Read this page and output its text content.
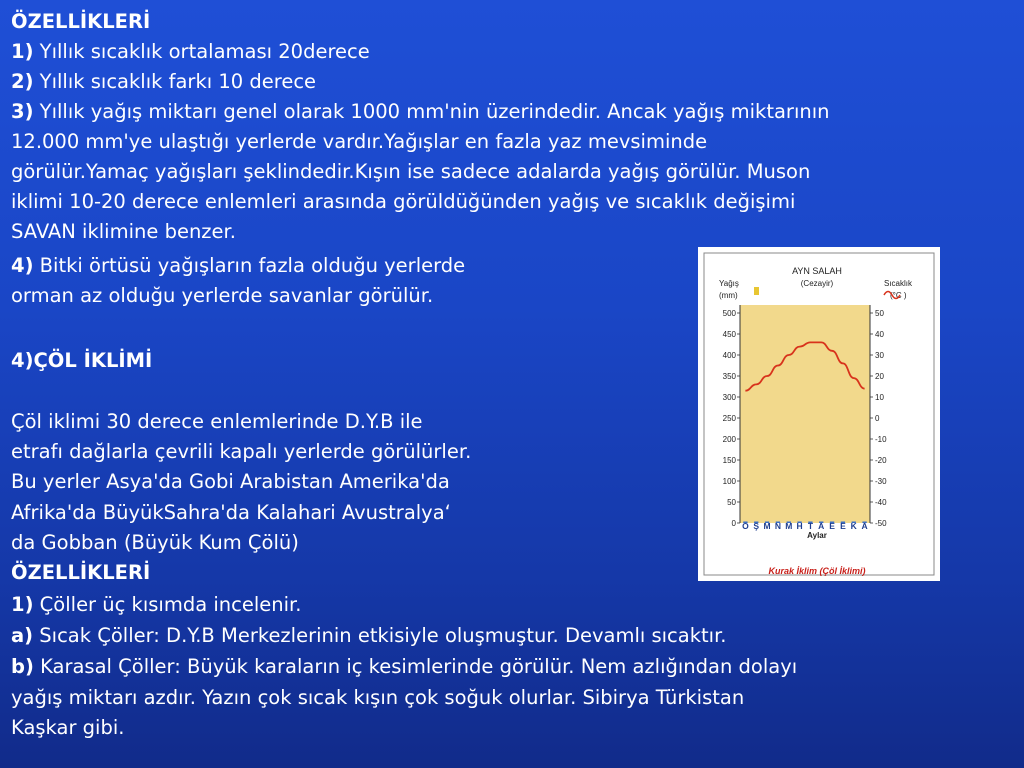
ÖZELLİKLERİ
1) Yıllık sıcaklık ortalaması 20derece
2) Yıllık sıcaklık farkı 10 derece
3) Yıllık yağış miktarı genel olarak 1000 mm'nin üzerindedir. Ancak yağış miktarının
12.000 mm'ye ulaştığı yerlerde vardır.Yağışlar en fazla yaz mevsiminde
görülür.Yamaç yağışları şeklindedir.Kışın ise sadece adalarda yağış görülür. Muson
iklimi 10-20 derece enlemleri arasında görüldüğünden yağış ve sıcaklık değişimi
SAVAN iklimine benzer.
4) Bitki örtüsü yağışların fazla olduğu yerlerde
orman az olduğu yerlerde savanlar görülür.
4)ÇÖL İKLİMİ
Çöl iklimi 30 derece enlemlerinde D.Y.B ile
etrafı dağlarla çevrili kapalı yerlerde görülürler.
Bu yerler Asya'da Gobi Arabistan Amerika'da
Afrika'da BüyükSahra'da Kalahari Avustralya‘
da Gobban (Büyük Kum Çölü)
ÖZELLİKLERİ
1) Çöller üç kısımda incelenir.
a) Sıcak Çöller: D.Y.B Merkezlerinin etkisiyle oluşmuştur. Devamlı sıcaktır.
b) Karasal Çöller: Büyük karaların iç kesimlerinde görülür. Nem azlığından dolayı
yağış miktarı azdır. Yazın çok sıcak kışın çok soğuk olurlar. Sibirya Türkistan
Kaşkar gibi.
AYN SALAH
(Cezayir)
Yağış
(mm)
Sıcaklık
(°C )
Aylar
Kurak İklim (Çöl İklimi)
0
50
100
150
200
250
300
350
400
450
500
-50
-40
-30
-20
-10
0
10
20
30
40
50
O Ş M N M H T A E E K A
